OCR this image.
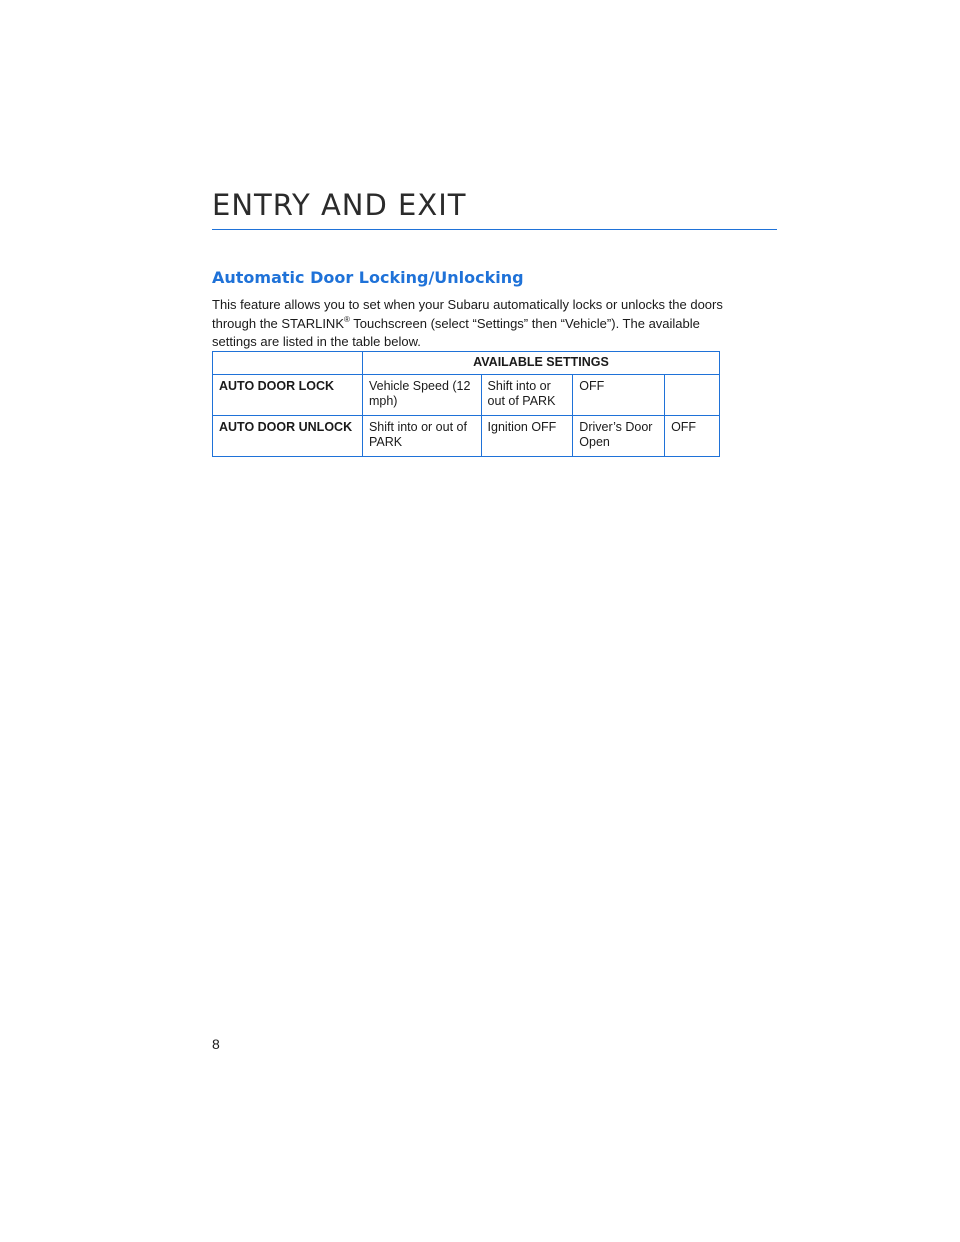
ENTRY AND EXIT
Automatic Door Locking/Unlocking

This feature allows you to set when your Subaru automatically locks or unlocks the doors through the STARLINK® Touchscreen (select “Settings” then “Vehicle”). The available settings are listed in the table below.

	AVAILABLE SETTINGS			
AUTO DOOR LOCK	Vehicle Speed (12 mph)	Shift into or out of PARK	OFF	
AUTO DOOR UNLOCK	Shift into or out of PARK	Ignition OFF	Driver’s Door Open	OFF
8
